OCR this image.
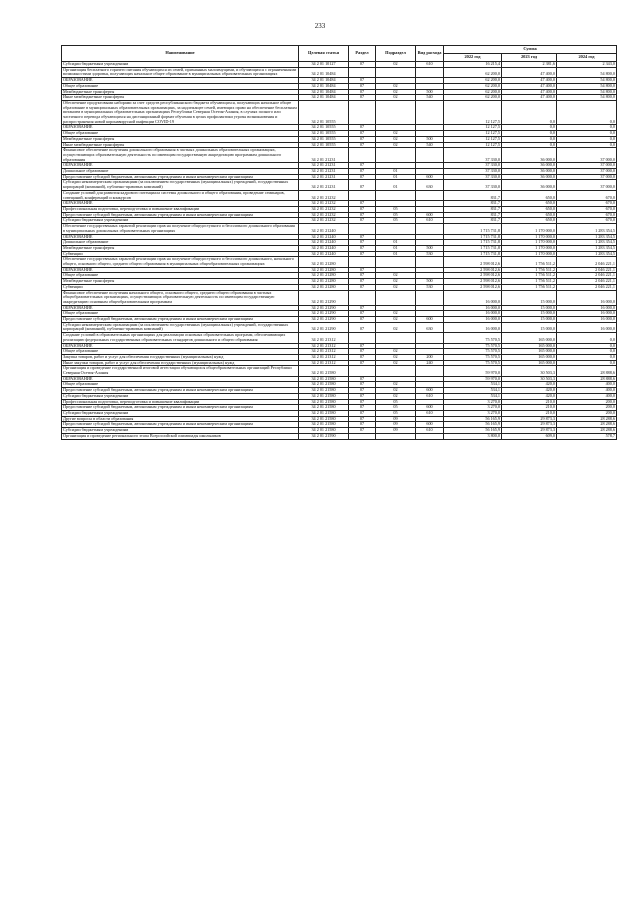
233
Наименование	Целевая статья	Раздел	Подраздел	Вид расхода	Сумма		
					2022 год	2023 год	2024 год
Субсидии бюджетным учреждениям	34 2 01 10127	07	02	610	16 215,4	2 381,6	2 343,0
Организация бесплатного горячего питания обучающихся из семей, признанных малоимущими, и обучающихся с ограниченными возможностями здоровья, получающих начальное общее образование в муниципальных образовательных организациях	34 2 01 10484				62 200,0	47 400,0	54 800,0
ОБРАЗОВАНИЕ	34 2 01 10484	07			62 200,0	47 400,0	54 800,0
Общее образование	34 2 01 10484	07	02		62 200,0	47 400,0	54 800,0
Межбюджетные трансферты	34 2 01 10484	07	02	500	62 200,0	47 400,0	54 800,0
Иные межбюджетные трансферты	34 2 01 10484	07	02	540	62 200,0	47 400,0	54 800,0
Обеспечение продуктовыми наборами за счет средств республиканского бюджета обучающихся, получающих начальное общее образование в муниципальных образовательных организациях, за надлежащее семей, имеющих право на обеспечение бесплатным питанием в муниципальных образовательных организациях Республики Северная Осетия-Алания, в случаях полного или частичного перевода обучающихся на дистанционный формат обучения в целях профилактики угрозы возникновения и распространения новой коронавирусной инфекции COVID-19	34 2 01 10555				12 127,5	0,0	0,0
ОБРАЗОВАНИЕ	34 2 01 10555	07			12 127,5	0,0	0,0
Общее образование	34 2 01 10555	07	02		12 127,5	0,0	0,0
Межбюджетные трансферты	34 2 01 10555	07	02	500	12 127,5	0,0	0,0
Иные межбюджетные трансферты	34 2 01 10555	07	02	540	12 127,5	0,0	0,0
Финансовое обеспечение получения дошкольного образования в частных дошкольных образовательных организациях, осуществляющих образовательную деятельность по имеющим государственную аккредитацию программам дошкольного образования	34 2 01 21231				37 330,0	36 000,0	37 000,0
ОБРАЗОВАНИЕ	34 2 01 21231	07			37 330,0	36 000,0	37 000,0
Дошкольное образование	34 2 01 21231	07	01		37 330,0	36 000,0	37 000,0
Предоставление субсидий бюджетным, автономным учреждениям и иным некоммерческим организациям	34 2 01 21231	07	01	600	37 330,0	36 000,0	37 000,0
Субсидии некоммерческим организациям (за исключением государственных (муниципальных) учреждений, государственных корпораций (компаний), публично-правовых компаний)	34 2 01 21231	07	01	630	37 330,0	36 000,0	37 000,0
Создание условий для развития кадрового потенциала системы дошкольного и общего образования, проведение семинаров, совещаний, конференций и конкурсов	34 2 01 21232				831,7	650,0	670,0
ОБРАЗОВАНИЕ	34 2 01 21232	07			831,7	650,0	670,0
Профессиональная подготовка, переподготовка и повышение квалификации	34 2 01 21232	07	05		831,7	650,0	670,0
Предоставление субсидий бюджетным, автономным учреждениям и иным некоммерческим организациям	34 2 01 21232	07	05	600	831,7	650,0	670,0
Субсидии бюджетным учреждениям	34 2 01 21232	07	05	610	831,7	650,0	670,0
Обеспечение государственных гарантий реализации прав на получение общедоступного и бесплатного дошкольного образования в муниципальных дошкольных образовательных организациях	34 2 01 21240				1 715 731,8	1 170 000,0	1 283 354,5
ОБРАЗОВАНИЕ	34 2 01 21240	07			1 715 731,8	1 170 000,0	1 283 354,5
Дошкольное образование	34 2 01 21240	07	01		1 715 731,8	1 170 000,0	1 283 354,5
Межбюджетные трансферты	34 2 01 21240	07	01	500	1 715 731,8	1 170 000,0	1 283 354,5
Субвенции	34 2 01 21240	07	01	530	1 715 731,8	1 170 000,0	1 283 354,5
Обеспечение государственных гарантий реализации прав на получение общедоступного и бесплатного дошкольного, начального общего, основного общего, среднего общего образования в муниципальных общеобразовательных организациях	34 2 01 21280				2 598 012,6	1 756 511,2	2 046 221,1
ОБРАЗОВАНИЕ	34 2 01 21280	07			2 598 012,6	1 756 511,2	2 046 221,1
Общее образование	34 2 01 21280	07	02		2 598 012,6	1 756 511,2	2 046 221,1
Межбюджетные трансферты	34 2 01 21280	07	02	500	2 598 012,6	1 756 511,2	2 046 221,1
Субвенции	34 2 01 21280	07	02	530	2 598 012,6	1 756 511,2	2 046 221,1
Финансовое обеспечение получения начального общего, основного общего, среднего общего образования в частных общеобразовательных организациях, осуществляющих образовательную деятельность по имеющим государственную аккредитацию основным общеобразовательным программам	34 2 01 21290				16 000,0	15 000,0	16 000,0
ОБРАЗОВАНИЕ	34 2 01 21290	07			16 000,0	15 000,0	16 000,0
Общее образование	34 2 01 21290	07	02		16 000,0	15 000,0	16 000,0
Предоставление субсидий бюджетным, автономным учреждениям и иным некоммерческим организациям	34 2 01 21290	07	02	600	16 000,0	15 000,0	16 000,0
Субсидии некоммерческим организациям (за исключением государственных (муниципальных) учреждений, государственных корпораций (компаний), публично-правовых компаний)	34 2 01 21290	07	02	630	16 000,0	15 000,0	16 000,0
Создание условий в образовательных организациях для реализации основных образовательных программ, обеспечивающих реализацию федеральных государственных образовательных стандартов дошкольного и общего образования	34 2 01 21312				75 570,5	165 000,0	0,0
ОБРАЗОВАНИЕ	34 2 01 21312	07			75 570,5	165 000,0	0,0
Общее образование	34 2 01 21312	07	02		75 570,5	165 000,0	0,0
Закупка товаров, работ и услуг для обеспечения государственных (муниципальных) нужд	34 2 01 21312	07	02	200	75 570,5	165 000,0	0,0
Иные закупки товаров, работ и услуг для обеспечения государственных (муниципальных) нужд	34 2 01 21312	07	02	240	75 570,5	165 000,0	0,0
Организация и проведение государственной итоговой аттестации обучающихся общеобразовательных организаций Республики Северная Осетия-Алания	34 2 01 21580				59 970,0	30 503,3	28 888,6
ОБРАЗОВАНИЕ	34 2 01 21580	07			59 970,0	30 503,3	28 888,6
Общее образование	34 2 01 21580	07	02		534,1	420,0	400,0
Предоставление субсидий бюджетным, автономным учреждениям и иным некоммерческим организациям	34 2 01 21580	07	02	600	534,1	420,0	400,0
Субсидии бюджетным учреждениям	34 2 01 21580	07	02	610	534,1	420,0	400,0
Профессиональная подготовка, переподготовка и повышение квалификации	34 2 01 21580	07	05		3 270,0	210,0	200,0
Предоставление субсидий бюджетным, автономным учреждениям и иным некоммерческим организациям	34 2 01 21580	07	05	600	3 270,0	210,0	200,0
Субсидии бюджетным учреждениям	34 2 01 21580	07	05	610	3 270,0	210,0	200,0
Другие вопросы в области образования	34 2 01 21580	07	09		56 165,9	29 873,3	28 288,6
Предоставление субсидий бюджетным, автономным учреждениям и иным некоммерческим организациям	34 2 01 21580	07	09	600	56 165,9	29 873,3	28 288,6
Субсидии бюджетным учреждениям	34 2 01 21580	07	09	610	56 165,9	29 873,3	28 288,6
Организация и проведение регионального этапа Всероссийской олимпиады школьников	34 2 01 21590				3 800,0	609,0	578,7
